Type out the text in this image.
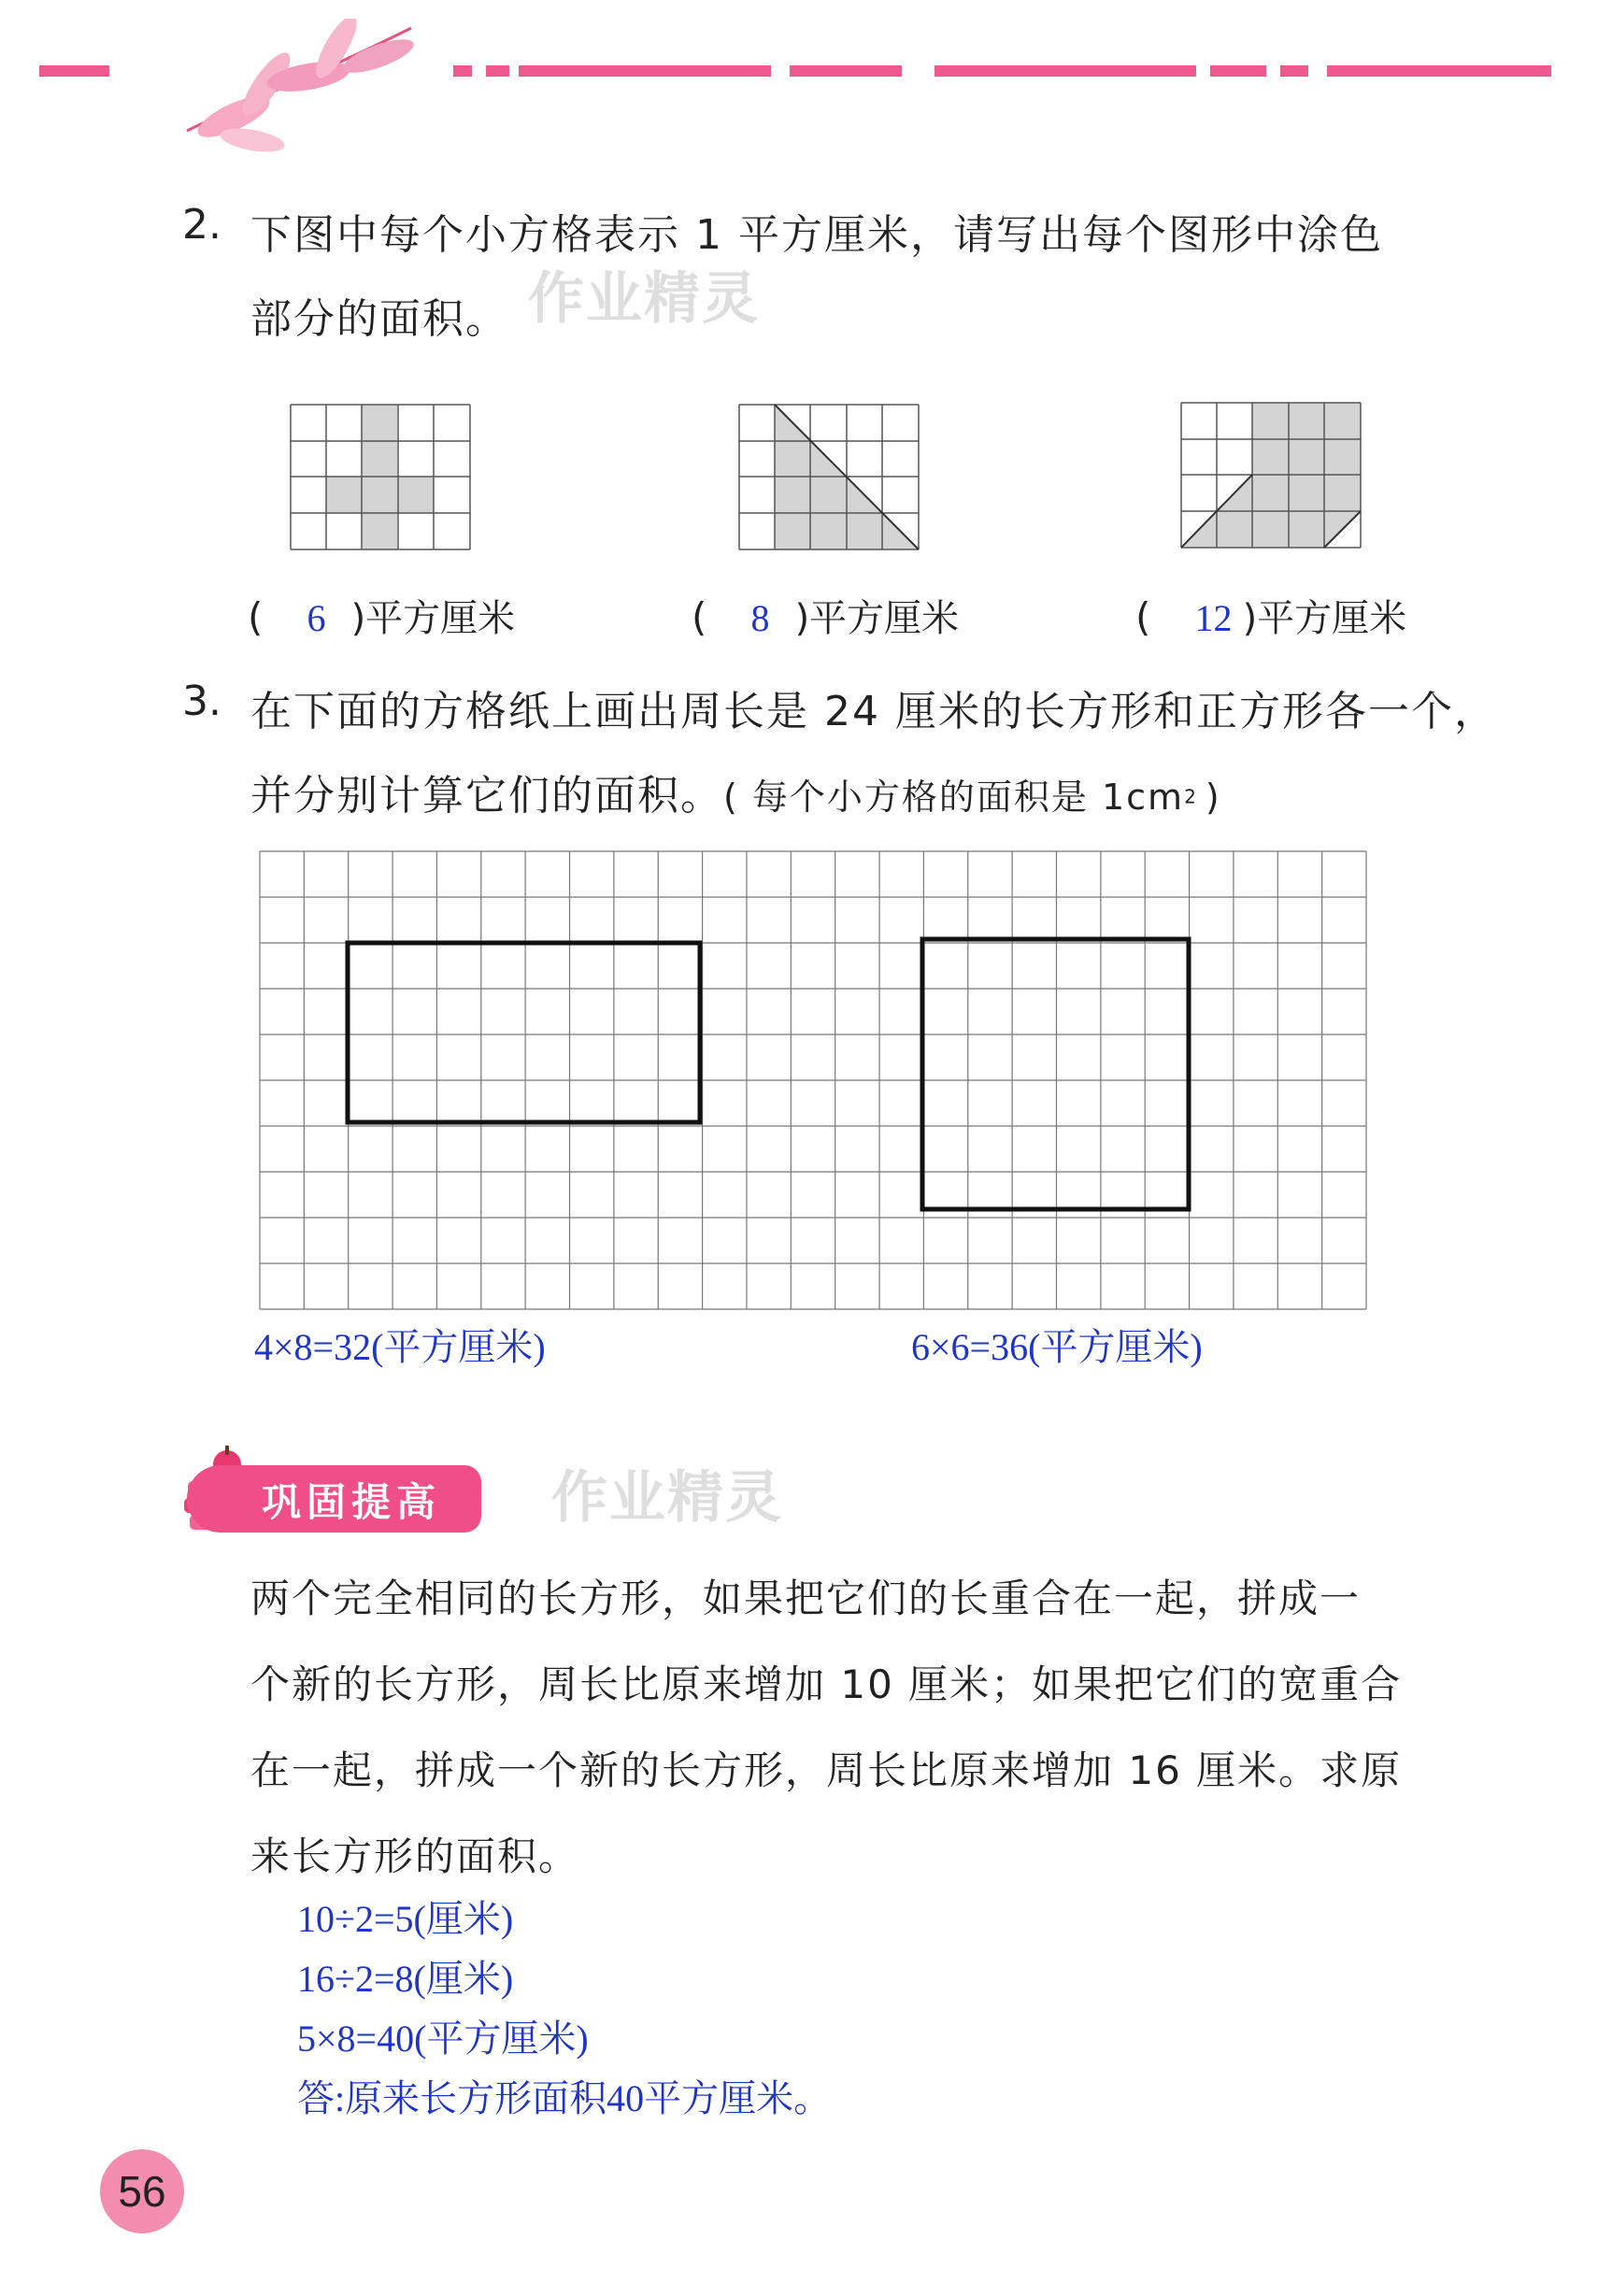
2. 下图中每个小方格表示 1 平方厘米，请写出每个图形中涂色
部分的面积。 作业精灵
( 6 )平方厘米	( 8 )平方厘米	( 12 )平方厘米
3. 在下面的方格纸上画出周长是 24 厘米的长方形和正方形各一个，
并分别计算它们的面积。( 每个小方格的面积是 $1cm^2$ )
4×8=32(平方厘米)	6×6=36(平方厘米)
巩固提高 作业精灵
两个完全相同的长方形，如果把它们的长重合在一起，拼成一
个新的长方形，周长比原来增加 10 厘米；如果把它们的宽重合
在一起，拼成一个新的长方形，周长比原来增加 16 厘米。求原
来长方形的面积。
10÷2=5(厘米)
16÷2=8(厘米)
5×8=40(平方厘米)
答:原来长方形面积40平方厘米。
56
